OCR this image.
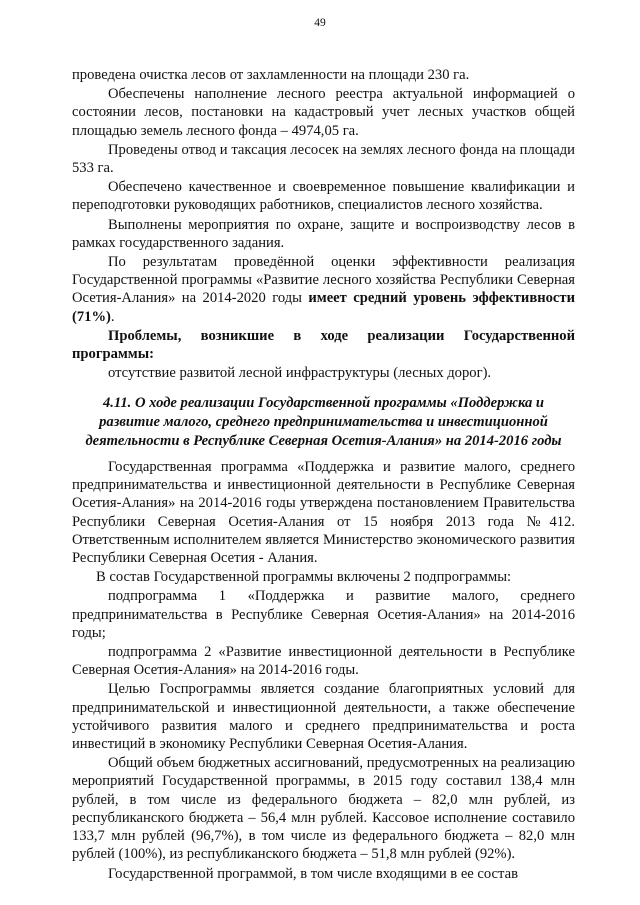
49

проведена очистка лесов от захламленности на площади 230 га.

Обеспечены наполнение лесного реестра актуальной информацией о состоянии лесов, постановки на кадастровый учет лесных участков общей площадью земель лесного фонда – 4974,05 га.

Проведены отвод и таксация лесосек на землях лесного фонда на площади 533 га.

Обеспечено качественное и своевременное повышение квалификации и переподготовки руководящих работников, специалистов лесного хозяйства.

Выполнены мероприятия по охране, защите и воспроизводству лесов в рамках государственного задания.

По результатам проведённой оценки эффективности реализация Государственной программы «Развитие лесного хозяйства Республики Северная Осетия-Алания» на 2014-2020 годы имеет средний уровень эффективности (71%).

Проблемы, возникшие в ходе реализации Государственной программы:

отсутствие развитой лесной инфраструктуры (лесных дорог).

4.11. О ходе реализации Государственной программы «Поддержка и развитие малого, среднего предпринимательства и инвестиционной деятельности в Республике Северная Осетия-Алания» на 2014-2016 годы

Государственная программа «Поддержка и развитие малого, среднего предпринимательства и инвестиционной деятельности в Республике Северная Осетия-Алания» на 2014-2016 годы утверждена постановлением Правительства Республики Северная Осетия-Алания от 15 ноября 2013 года №412. Ответственным исполнителем является Министерство экономического развития Республики Северная Осетия - Алания.

В состав Государственной программы включены 2 подпрограммы:

подпрограмма 1 «Поддержка и развитие малого, среднего предпринимательства в Республике Северная Осетия-Алания» на 2014-2016 годы;

подпрограмма 2 «Развитие инвестиционной деятельности в Республике Северная Осетия-Алания» на 2014-2016 годы.

Целью Госпрограммы является создание благоприятных условий для предпринимательской и инвестиционной деятельности, а также обеспечение устойчивого развития малого и среднего предпринимательства и роста инвестиций в экономику Республики Северная Осетия-Алания.

Общий объем бюджетных ассигнований, предусмотренных на реализацию мероприятий Государственной программы, в 2015 году составил 138,4 млн рублей, в том числе из федерального бюджета – 82,0 млн рублей, из республиканского бюджета – 56,4 млн рублей. Кассовое исполнение составило 133,7 млн рублей (96,7%), в том числе из федерального бюджета – 82,0 млн рублей (100%), из республиканского бюджета – 51,8 млн рублей (92%).

Государственной программой, в том числе входящими в ее состав
